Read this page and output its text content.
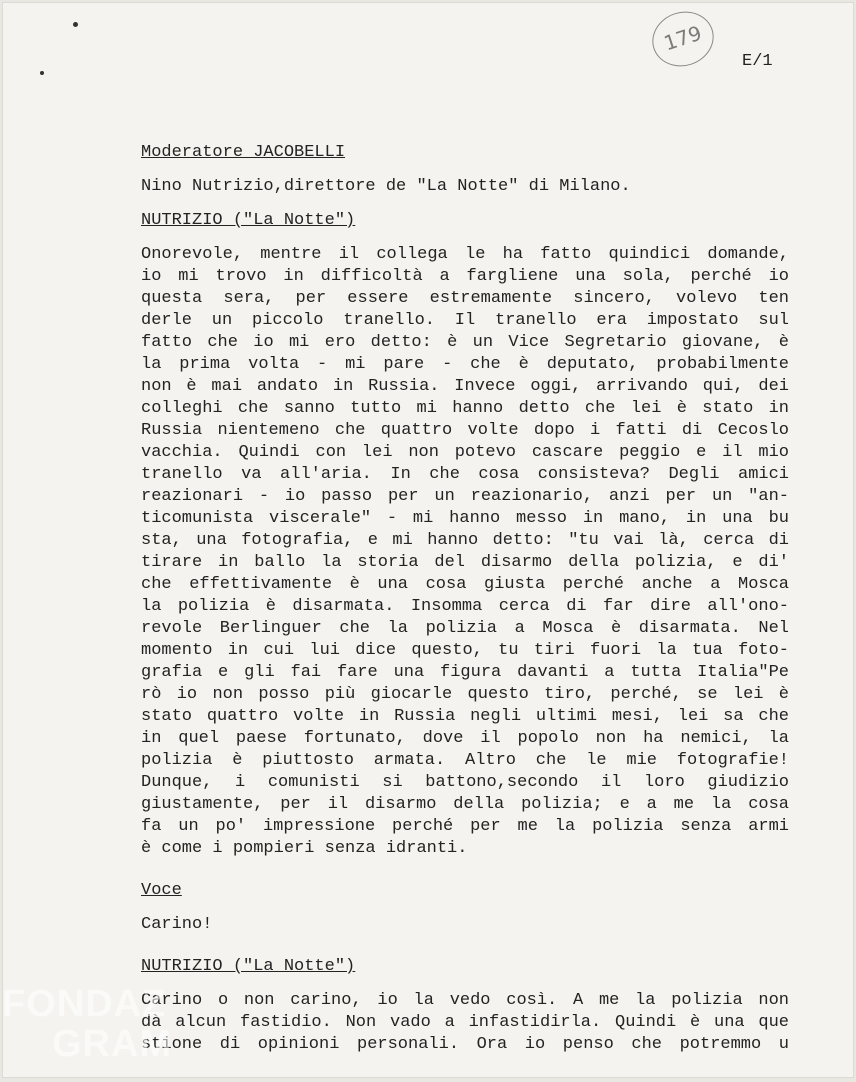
179
E/1
Moderatore JACOBELLI
Nino Nutrizio,direttore de "La Notte" di Milano.
NUTRIZIO ("La Notte")
Onorevole, mentre il collega le ha fatto quindici domande,
io mi trovo in difficoltà a fargliene una sola, perché io
questa sera, per essere estremamente sincero, volevo ten
derle un piccolo tranello. Il tranello era impostato sul
fatto che io mi ero detto: è un Vice Segretario giovane, è
la prima volta - mi pare - che è deputato, probabilmente
non è mai andato in Russia. Invece oggi, arrivando qui, dei
colleghi che sanno tutto mi hanno detto che lei è stato in
Russia nientemeno che quattro volte dopo i fatti di Cecoslo
vacchia. Quindi con lei non potevo cascare peggio e il mio
tranello va all'aria. In che cosa consisteva? Degli amici
reazionari - io passo per un reazionario, anzi per un "an-
ticomunista viscerale" - mi hanno messo in mano, in una bu
sta, una fotografia, e mi hanno detto: "tu vai là, cerca di
tirare in ballo la storia del disarmo della polizia, e di'
che effettivamente è una cosa giusta perché anche a Mosca
la polizia è disarmata. Insomma cerca di far dire all'ono-
revole Berlinguer che la polizia a Mosca è disarmata. Nel
momento in cui lui dice questo, tu tiri fuori la tua foto-
grafia e gli fai fare una figura davanti a tutta Italia"Pe
rò io non posso più giocarle questo tiro, perché, se lei è
stato quattro volte in Russia negli ultimi mesi, lei sa che
in quel paese fortunato, dove il popolo non ha nemici, la
polizia è piuttosto armata. Altro che le mie fotografie!
Dunque, i comunisti si battono,secondo il loro giudizio
giustamente, per il disarmo della polizia; e a me la cosa
fa un po' impressione perché per me la polizia senza armi
è come i pompieri senza idranti.
Voce
Carino!
NUTRIZIO ("La Notte")
Carino o non carino, io la vedo così. A me la polizia non
dà alcun fastidio. Non vado a infastidirla. Quindi è una que
stione di opinioni personali. Ora io penso che potremmo u
FONDAZ
GRAM
